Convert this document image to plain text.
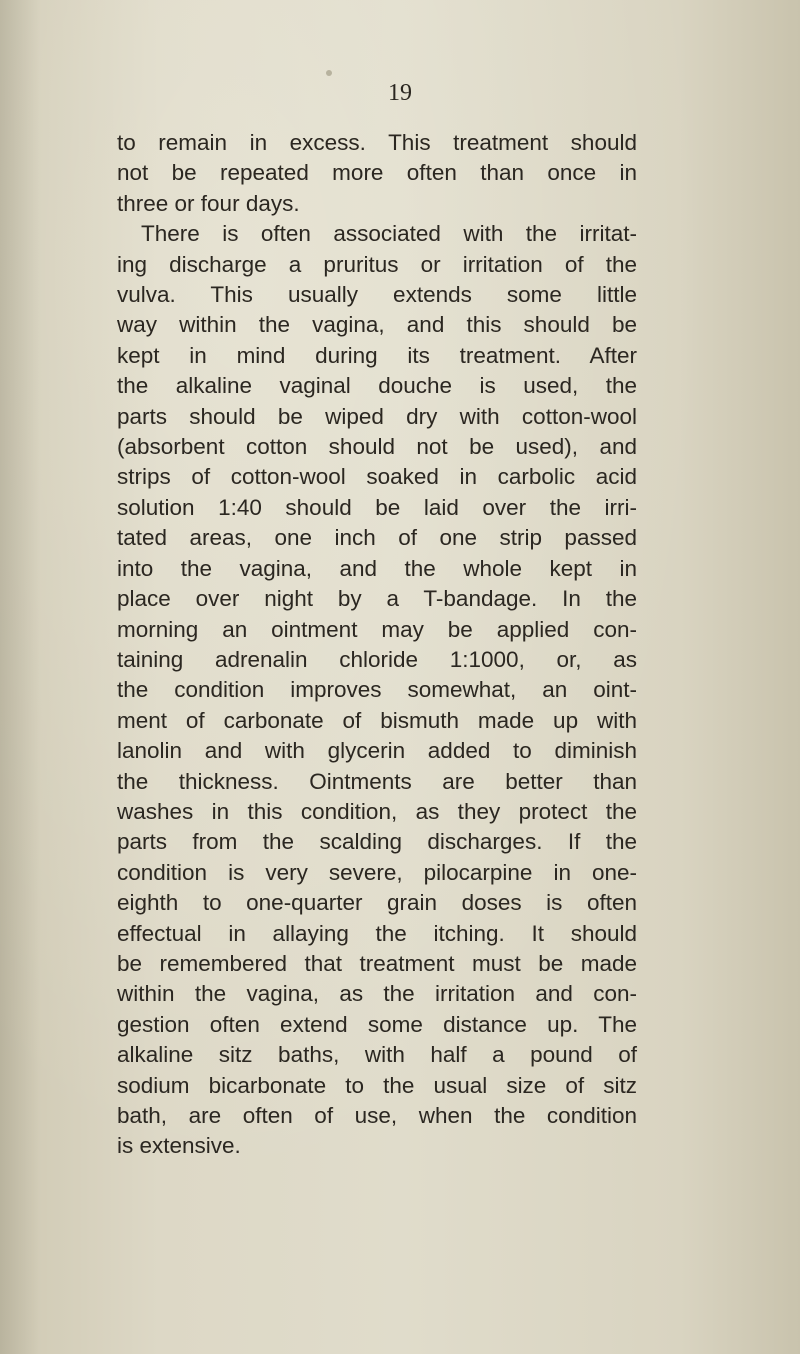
19

to remain in excess. This treatment should
not be repeated more often than once in
three or four days.
There is often associated with the irritat-
ing discharge a pruritus or irritation of the
vulva. This usually extends some little
way within the vagina, and this should be
kept in mind during its treatment. After
the alkaline vaginal douche is used, the
parts should be wiped dry with cotton-wool
(absorbent cotton should not be used), and
strips of cotton-wool soaked in carbolic acid
solution 1:40 should be laid over the irri-
tated areas, one inch of one strip passed
into the vagina, and the whole kept in
place over night by a T-bandage. In the
morning an ointment may be applied con-
taining adrenalin chloride 1:1000, or, as
the condition improves somewhat, an oint-
ment of carbonate of bismuth made up with
lanolin and with glycerin added to diminish
the thickness. Ointments are better than
washes in this condition, as they protect the
parts from the scalding discharges. If the
condition is very severe, pilocarpine in one-
eighth to one-quarter grain doses is often
effectual in allaying the itching. It should
be remembered that treatment must be made
within the vagina, as the irritation and con-
gestion often extend some distance up. The
alkaline sitz baths, with half a pound of
sodium bicarbonate to the usual size of sitz
bath, are often of use, when the condition
is extensive.
